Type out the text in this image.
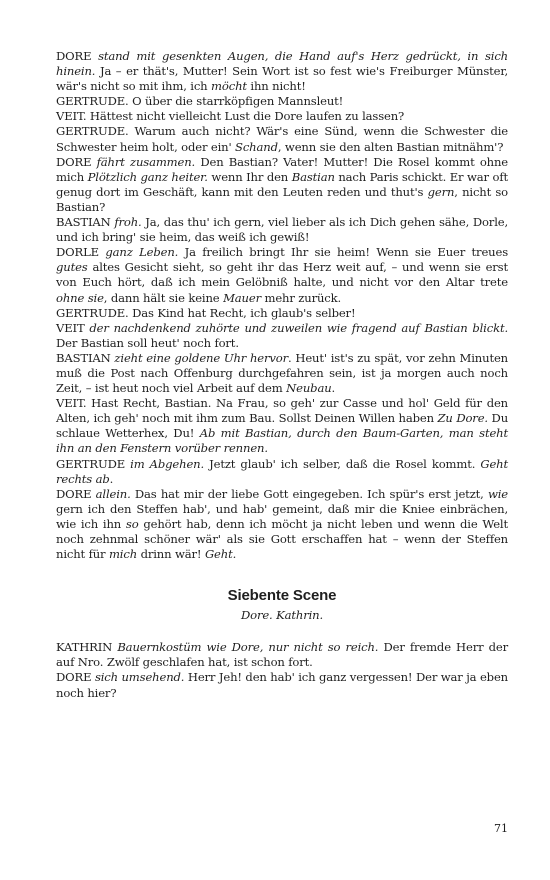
DORE stand mit gesenkten Augen, die Hand auf's Herz gedrückt, in sich hinein. Ja – er thät's, Mutter! Sein Wort ist so fest wie's Freiburger Münster, wär's nicht so mit ihm, ich möcht ihn nicht!

GERTRUDE. O über die starrköpfigen Mannsleut!

VEIT. Hättest nicht vielleicht Lust die Dore laufen zu lassen?

GERTRUDE. Warum auch nicht? Wär's eine Sünd, wenn die Schwester die Schwester heim holt, oder ein' Schand, wenn sie den alten Bastian mitnähm'?

DORE fährt zusammen. Den Bastian? Vater! Mutter! Die Rosel kommt ohne mich Plötzlich ganz heiter. wenn Ihr den Bastian nach Paris schickt. Er war oft genug dort im Geschäft, kann mit den Leuten reden und thut's gern, nicht so Bastian?

BASTIAN froh. Ja, das thu' ich gern, viel lieber als ich Dich gehen sähe, Dorle, und ich bring' sie heim, das weiß ich gewiß!

DORLE ganz Leben. Ja freilich bringt Ihr sie heim! Wenn sie Euer treues gutes altes Gesicht sieht, so geht ihr das Herz weit auf, – und wenn sie erst von Euch hört, daß ich mein Gelöbniß halte, und nicht vor den Altar trete ohne sie, dann hält sie keine Mauer mehr zurück.

GERTRUDE. Das Kind hat Recht, ich glaub's selber!

VEIT der nachdenkend zuhörte und zuweilen wie fragend auf Bastian blickt. Der Bastian soll heut' noch fort.

BASTIAN zieht eine goldene Uhr hervor. Heut' ist's zu spät, vor zehn Minuten muß die Post nach Offenburg durchgefahren sein, ist ja morgen auch noch Zeit, – ist heut noch viel Arbeit auf dem Neubau.

VEIT. Hast Recht, Bastian. Na Frau, so geh' zur Casse und hol' Geld für den Alten, ich geh' noch mit ihm zum Bau. Sollst Deinen Willen haben Zu Dore. Du schlaue Wetterhex, Du! Ab mit Bastian, durch den Baum-Garten, man steht ihn an den Fenstern vorüber rennen.

GERTRUDE im Abgehen. Jetzt glaub' ich selber, daß die Rosel kommt. Geht rechts ab.

DORE allein. Das hat mir der liebe Gott eingegeben. Ich spür's erst jetzt, wie gern ich den Steffen hab', und hab' gemeint, daß mir die Kniee einbrächen, wie ich ihn so gehört hab, denn ich möcht ja nicht leben und wenn die Welt noch zehnmal schöner wär' als sie Gott erschaffen hat – wenn der Steffen nicht für mich drinn wär! Geht.

Siebente Scene
Dore. Kathrin.

KATHRIN Bauernkostüm wie Dore, nur nicht so reich. Der fremde Herr der auf Nro. Zwölf geschlafen hat, ist schon fort.

DORE sich umsehend. Herr Jeh! den hab' ich ganz vergessen! Der war ja eben noch hier?

71
